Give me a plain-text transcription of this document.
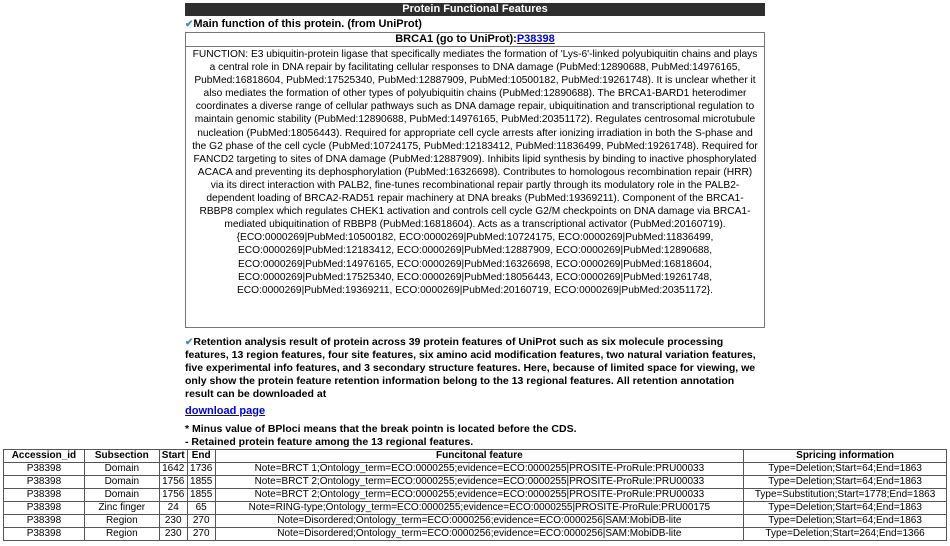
Protein Functional Features
✔Main function of this protein. (from UniProt)
BRCA1 (go to UniProt):P38398
FUNCTION: E3 ubiquitin-protein ligase that specifically mediates the formation of 'Lys-6'-linked polyubiquitin chains and plays a central role in DNA repair by facilitating cellular responses to DNA damage (PubMed:12890688, PubMed:14976165, PubMed:16818604, PubMed:17525340, PubMed:12887909, PubMed:10500182, PubMed:19261748). It is unclear whether it also mediates the formation of other types of polyubiquitin chains (PubMed:12890688). The BRCA1-BARD1 heterodimer coordinates a diverse range of cellular pathways such as DNA damage repair, ubiquitination and transcriptional regulation to maintain genomic stability (PubMed:12890688, PubMed:14976165, PubMed:20351172). Regulates centrosomal microtubule nucleation (PubMed:18056443). Required for appropriate cell cycle arrests after ionizing irradiation in both the S-phase and the G2 phase of the cell cycle (PubMed:10724175, PubMed:12183412, PubMed:11836499, PubMed:19261748). Required for FANCD2 targeting to sites of DNA damage (PubMed:12887909). Inhibits lipid synthesis by binding to inactive phosphorylated ACACA and preventing its dephosphorylation (PubMed:16326698). Contributes to homologous recombination repair (HRR) via its direct interaction with PALB2, fine-tunes recombinational repair partly through its modulatory role in the PALB2-dependent loading of BRCA2-RAD51 repair machinery at DNA breaks (PubMed:19369211). Component of the BRCA1-RBBP8 complex which regulates CHEK1 activation and controls cell cycle G2/M checkpoints on DNA damage via BRCA1-mediated ubiquitination of RBBP8 (PubMed:16818604). Acts as a transcriptional activator (PubMed:20160719). {ECO:0000269|PubMed:10500182, ECO:0000269|PubMed:10724175, ECO:0000269|PubMed:11836499, ECO:0000269|PubMed:12183412, ECO:0000269|PubMed:12887909, ECO:0000269|PubMed:12890688, ECO:0000269|PubMed:14976165, ECO:0000269|PubMed:16326698, ECO:0000269|PubMed:16818604, ECO:0000269|PubMed:17525340, ECO:0000269|PubMed:18056443, ECO:0000269|PubMed:19261748, ECO:0000269|PubMed:19369211, ECO:0000269|PubMed:20160719, ECO:0000269|PubMed:20351172}.
✔Retention analysis result of protein across 39 protein features of UniProt such as six molecule processing features, 13 region features, four site features, six amino acid modification features, two natural variation features, five experimental info features, and 3 secondary structure features. Here, because of limited space for viewing, we only show the protein feature retention information belong to the 13 regional features. All retention annotation result can be downloaded at
download page
* Minus value of BPloci means that the break pointn is located before the CDS.
- Retained protein feature among the 13 regional features.
Accession_id	Subsection	Start	End	Funcitonal feature	Spricing information
P38398	Domain	1642	1736	Note=BRCT 1;Ontology_term=ECO:0000255;evidence=ECO:0000255|PROSITE-ProRule:PRU00033	Type=Deletion;Start=64;End=1863
P38398	Domain	1756	1855	Note=BRCT 2;Ontology_term=ECO:0000255;evidence=ECO:0000255|PROSITE-ProRule:PRU00033	Type=Deletion;Start=64;End=1863
P38398	Domain	1756	1855	Note=BRCT 2;Ontology_term=ECO:0000255;evidence=ECO:0000255|PROSITE-ProRule:PRU00033	Type=Substitution;Start=1778;End=1863
P38398	Zinc finger	24	65	Note=RING-type;Ontology_term=ECO:0000255;evidence=ECO:0000255|PROSITE-ProRule:PRU00175	Type=Deletion;Start=64;End=1863
P38398	Region	230	270	Note=Disordered;Ontology_term=ECO:0000256;evidence=ECO:0000256|SAM:MobiDB-lite	Type=Deletion;Start=64;End=1863
P38398	Region	230	270	Note=Disordered;Ontology_term=ECO:0000256;evidence=ECO:0000256|SAM:MobiDB-lite	Type=Deletion;Start=264;End=1366
